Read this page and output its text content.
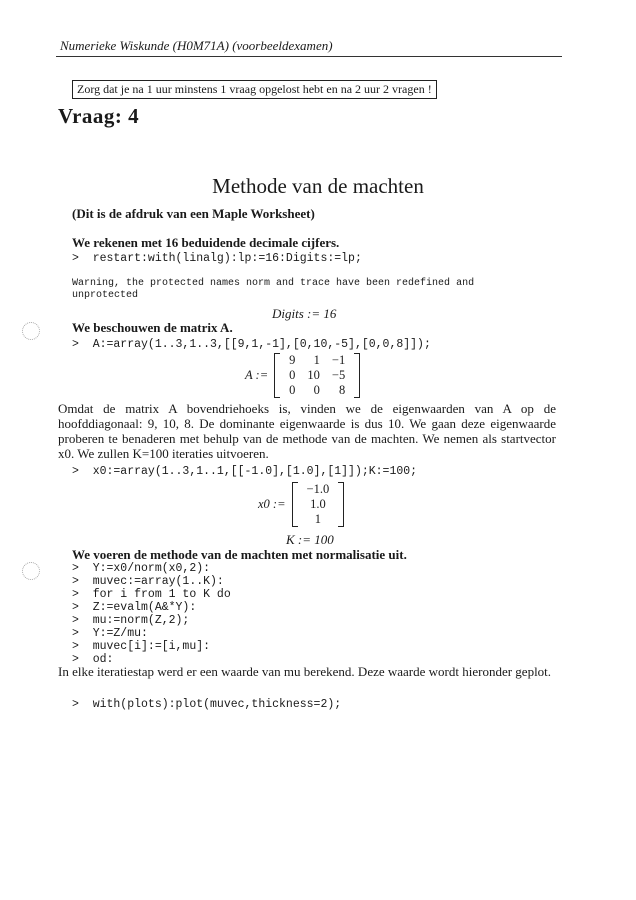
Numerieke Wiskunde (H0M71A) (voorbeeldexamen)
Zorg dat je na 1 uur minstens 1 vraag opgelost hebt en na 2 uur 2 vragen !
Vraag: 4
Methode van de machten
(Dit is de afdruk van een Maple Worksheet)
We rekenen met 16 beduidende decimale cijfers.
>  restart:with(linalg):lp:=16:Digits:=lp;
Warning, the protected names norm and trace have been redefined and
unprotected
Digits := 16
We beschouwen de matrix A.
>  A:=array(1..3,1..3,[[9,1,-1],[0,10,-5],[0,0,8]]);
A :=
9	1	−1
0	10	−5
0	0	8
Omdat de matrix A bovendriehoeks is, vinden we de eigenwaarden van A op de hoofddiagonaal: 9, 10, 8. De dominante eigenwaarde is dus 10. We gaan deze eigenwaarde proberen te benaderen met behulp van de methode van de machten. We nemen als startvector x0. We zullen K=100 iteraties uitvoeren.
>  x0:=array(1..3,1..1,[[-1.0],[1.0],[1]]);K:=100;
x0 :=
−1.0
1.0
1
K := 100
We voeren de methode van de machten met normalisatie uit.
>  Y:=x0/norm(x0,2):
>  muvec:=array(1..K):
>  for i from 1 to K do
>  Z:=evalm(A&*Y):
>  mu:=norm(Z,2);
>  Y:=Z/mu:
>  muvec[i]:=[i,mu]:
>  od:
In elke iteratiestap werd er een waarde van mu berekend. Deze waarde wordt hieronder geplot.
>  with(plots):plot(muvec,thickness=2);
